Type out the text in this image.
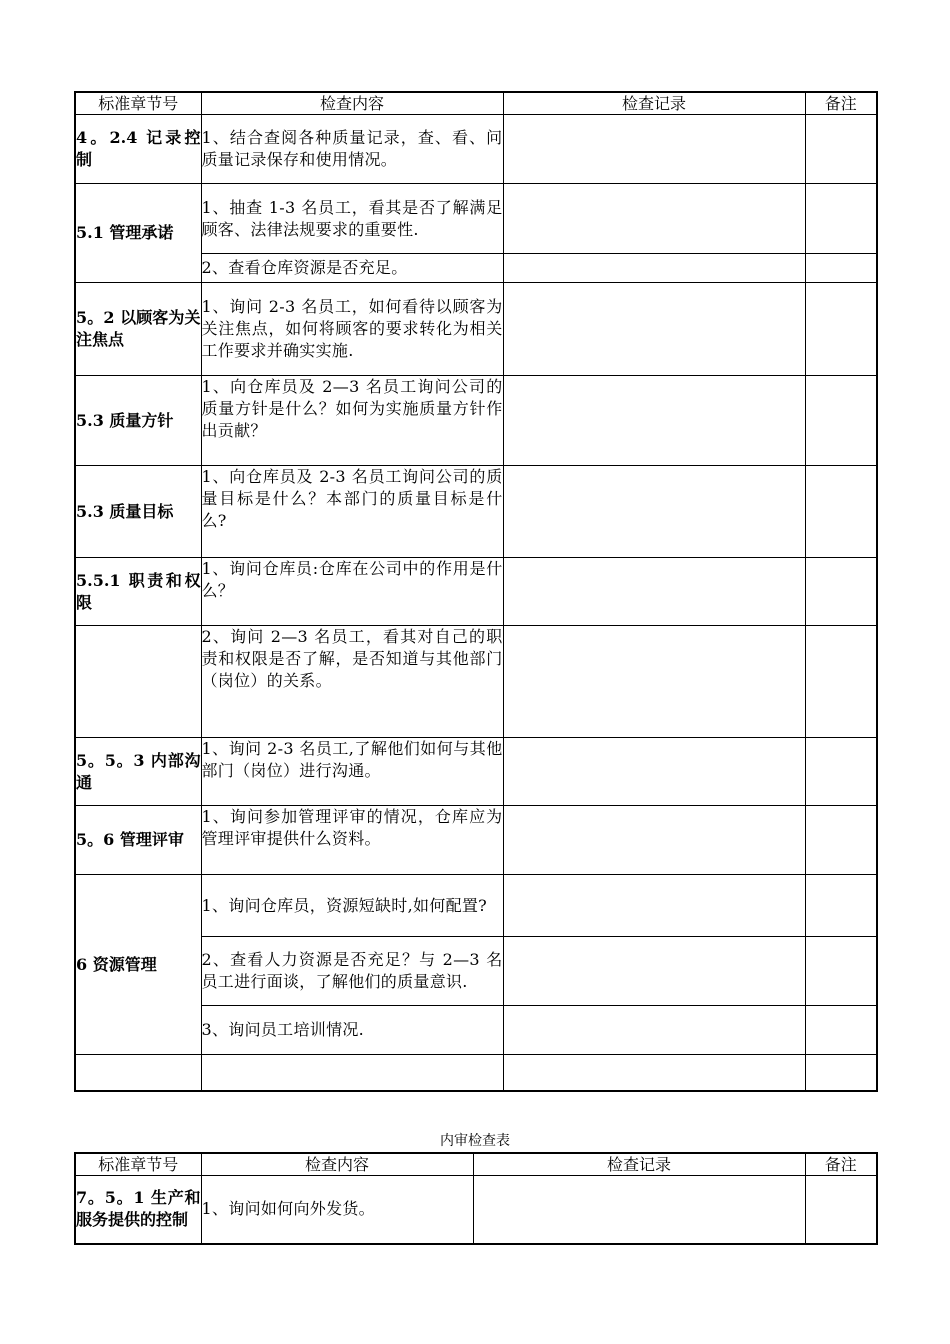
标准章节号	检查内容	检查记录	备注
4。2.4 记录控制	1、结合查阅各种质量记录，查、看、问质量记录保存和使用情况。		
5.1 管理承诺	1、抽查 1-3 名员工，看其是否了解满足顾客、法律法规要求的重要性.		
	2、查看仓库资源是否充足。		
5。2 以顾客为关注焦点	1、询问 2-3 名员工，如何看待以顾客为关注焦点，如何将顾客的要求转化为相关工作要求并确实实施.		
5.3 质量方针	1、向仓库员及 2—3 名员工询问公司的质量方针是什么？如何为实施质量方针作出贡献？		
5.3 质量目标	1、向仓库员及 2-3 名员工询问公司的质量目标是什么？本部门的质量目标是什么?		
5.5.1 职责和权限	1、询问仓库员:仓库在公司中的作用是什么？		
	2、询问 2—3 名员工，看其对自己的职责和权限是否了解，是否知道与其他部门（岗位）的关系。		
5。5。3 内部沟通	1、询问 2-3 名员工,了解他们如何与其他部门（岗位）进行沟通。		
5。6 管理评审	1、询问参加管理评审的情况，仓库应为管理评审提供什么资料。		
6 资源管理	1、询问仓库员，资源短缺时,如何配置?		
	2、查看人力资源是否充足？与 2—3 名员工进行面谈，了解他们的质量意识.		
	3、询问员工培训情况.		

内审检查表
标准章节号	检查内容	检查记录	备注
7。5。1 生产和服务提供的控制	1、询问如何向外发货。		
